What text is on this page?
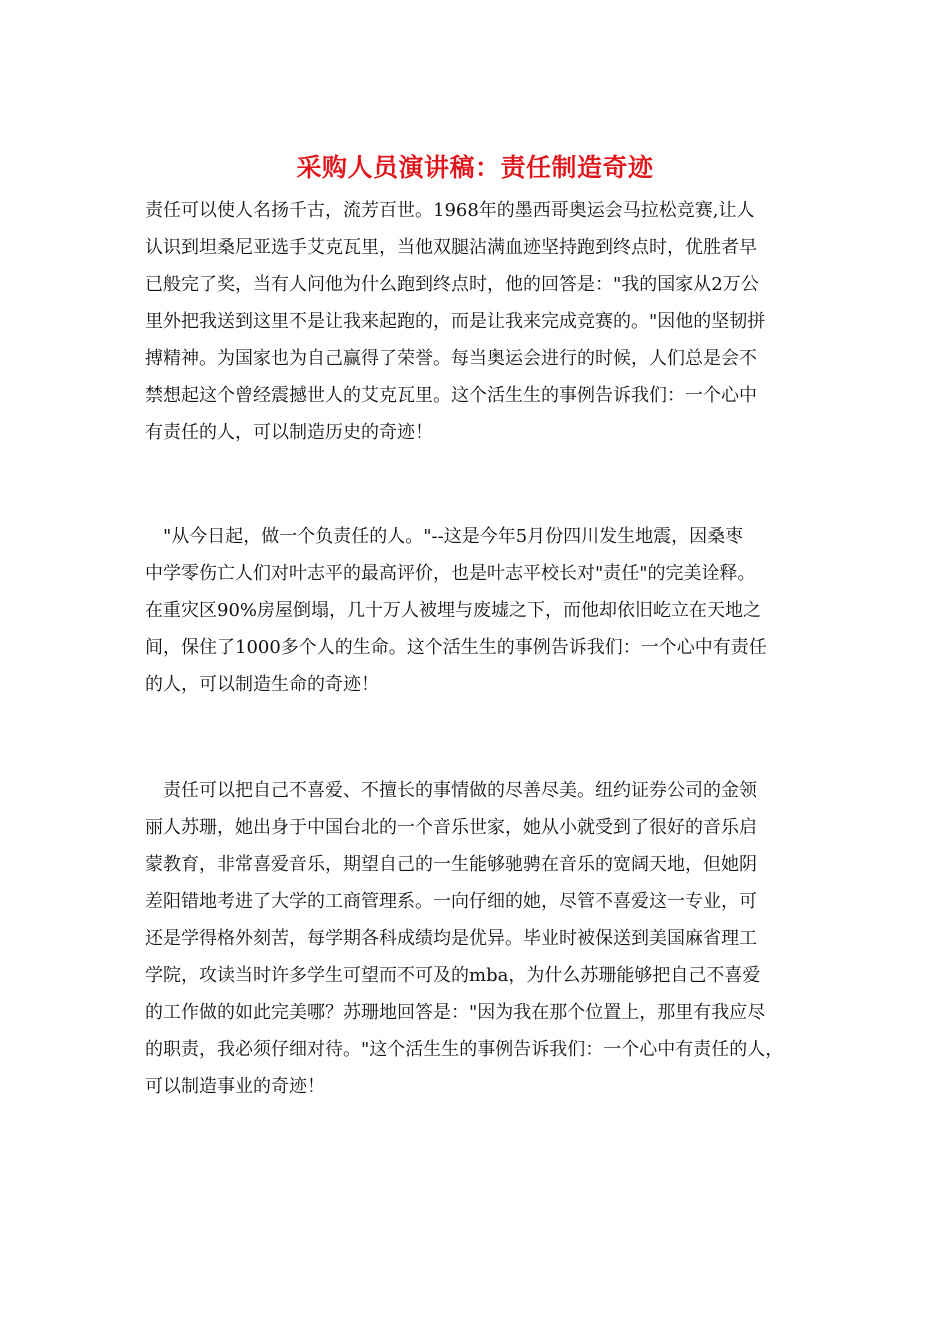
采购人员演讲稿：责任制造奇迹
责任可以使人名扬千古，流芳百世。1968年的墨西哥奥运会马拉松竞赛,让人
认识到坦桑尼亚选手艾克瓦里，当他双腿沾满血迹坚持跑到终点时，优胜者早
已般完了奖，当有人问他为什么跑到终点时，他的回答是："我的国家从2万公
里外把我送到这里不是让我来起跑的，而是让我来完成竞赛的。"因他的坚韧拼
搏精神。为国家也为自己赢得了荣誉。每当奥运会进行的时候，人们总是会不
禁想起这个曾经震撼世人的艾克瓦里。这个活生生的事例告诉我们：一个心中
有责任的人，可以制造历史的奇迹！
　"从今日起，做一个负责任的人。"--这是今年5月份四川发生地震，因桑枣
中学零伤亡人们对叶志平的最高评价，也是叶志平校长对"责任"的完美诠释。
在重灾区90%房屋倒塌，几十万人被埋与废墟之下，而他却依旧屹立在天地之
间，保住了1000多个人的生命。这个活生生的事例告诉我们：一个心中有责任
的人，可以制造生命的奇迹！
　责任可以把自己不喜爱、不擅长的事情做的尽善尽美。纽约证券公司的金领
丽人苏珊，她出身于中国台北的一个音乐世家，她从小就受到了很好的音乐启
蒙教育，非常喜爱音乐，期望自己的一生能够驰骋在音乐的宽阔天地，但她阴
差阳错地考进了大学的工商管理系。一向仔细的她，尽管不喜爱这一专业，可
还是学得格外刻苦，每学期各科成绩均是优异。毕业时被保送到美国麻省理工
学院，攻读当时许多学生可望而不可及的mba，为什么苏珊能够把自己不喜爱
的工作做的如此完美哪？苏珊地回答是："因为我在那个位置上，那里有我应尽
的职责，我必须仔细对待。"这个活生生的事例告诉我们：一个心中有责任的人，
可以制造事业的奇迹！
